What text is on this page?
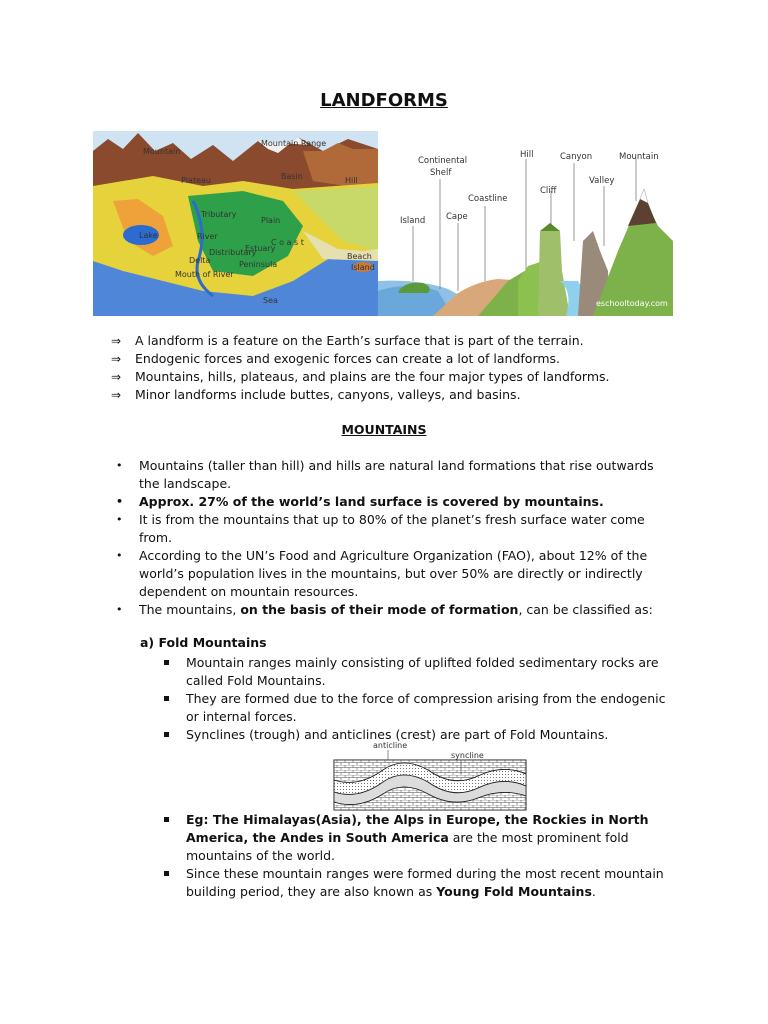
LANDFORMS
Mountain Range
Mountain
Plateau	Basin	Hill
Tributary
Lake	River
Plain
C o a s t
Estuary
Distributary
Delta	Peninsula
Beach
Island
Mouth of River
Sea
Continental
Shelf
Island Cape
Coastline
Hill
Cliff
Canyon
Valley
Mountain
eschooltoday.com
⇒ A landform is a feature on the Earth’s surface that is part of the terrain.
⇒ Endogenic forces and exogenic forces can create a lot of landforms.
⇒ Mountains, hills, plateaus, and plains are the four major types of landforms.
⇒ Minor landforms include buttes, canyons, valleys, and basins.
MOUNTAINS
• Mountains (taller than hill) and hills are natural land formations that rise outwards the landscape.
• Approx. 27% of the world’s land surface is covered by mountains.
• It is from the mountains that up to 80% of the planet’s fresh surface water come from.
• According to the UN’s Food and Agriculture Organization (FAO), about 12% of the world’s population lives in the mountains, but over 50% are directly or indirectly dependent on mountain resources.
• The mountains, on the basis of their mode of formation, can be classified as:
a) Fold Mountains
Mountain ranges mainly consisting of uplifted folded sedimentary rocks are called Fold Mountains.
They are formed due to the force of compression arising from the endogenic or internal forces.
Synclines (trough) and anticlines (crest) are part of Fold Mountains.
anticline
syncline
Eg: The Himalayas(Asia), the Alps in Europe, the Rockies in North America, the Andes in South America are the most prominent fold mountains of the world.
Since these mountain ranges were formed during the most recent mountain building period, they are also known as Young Fold Mountains.
